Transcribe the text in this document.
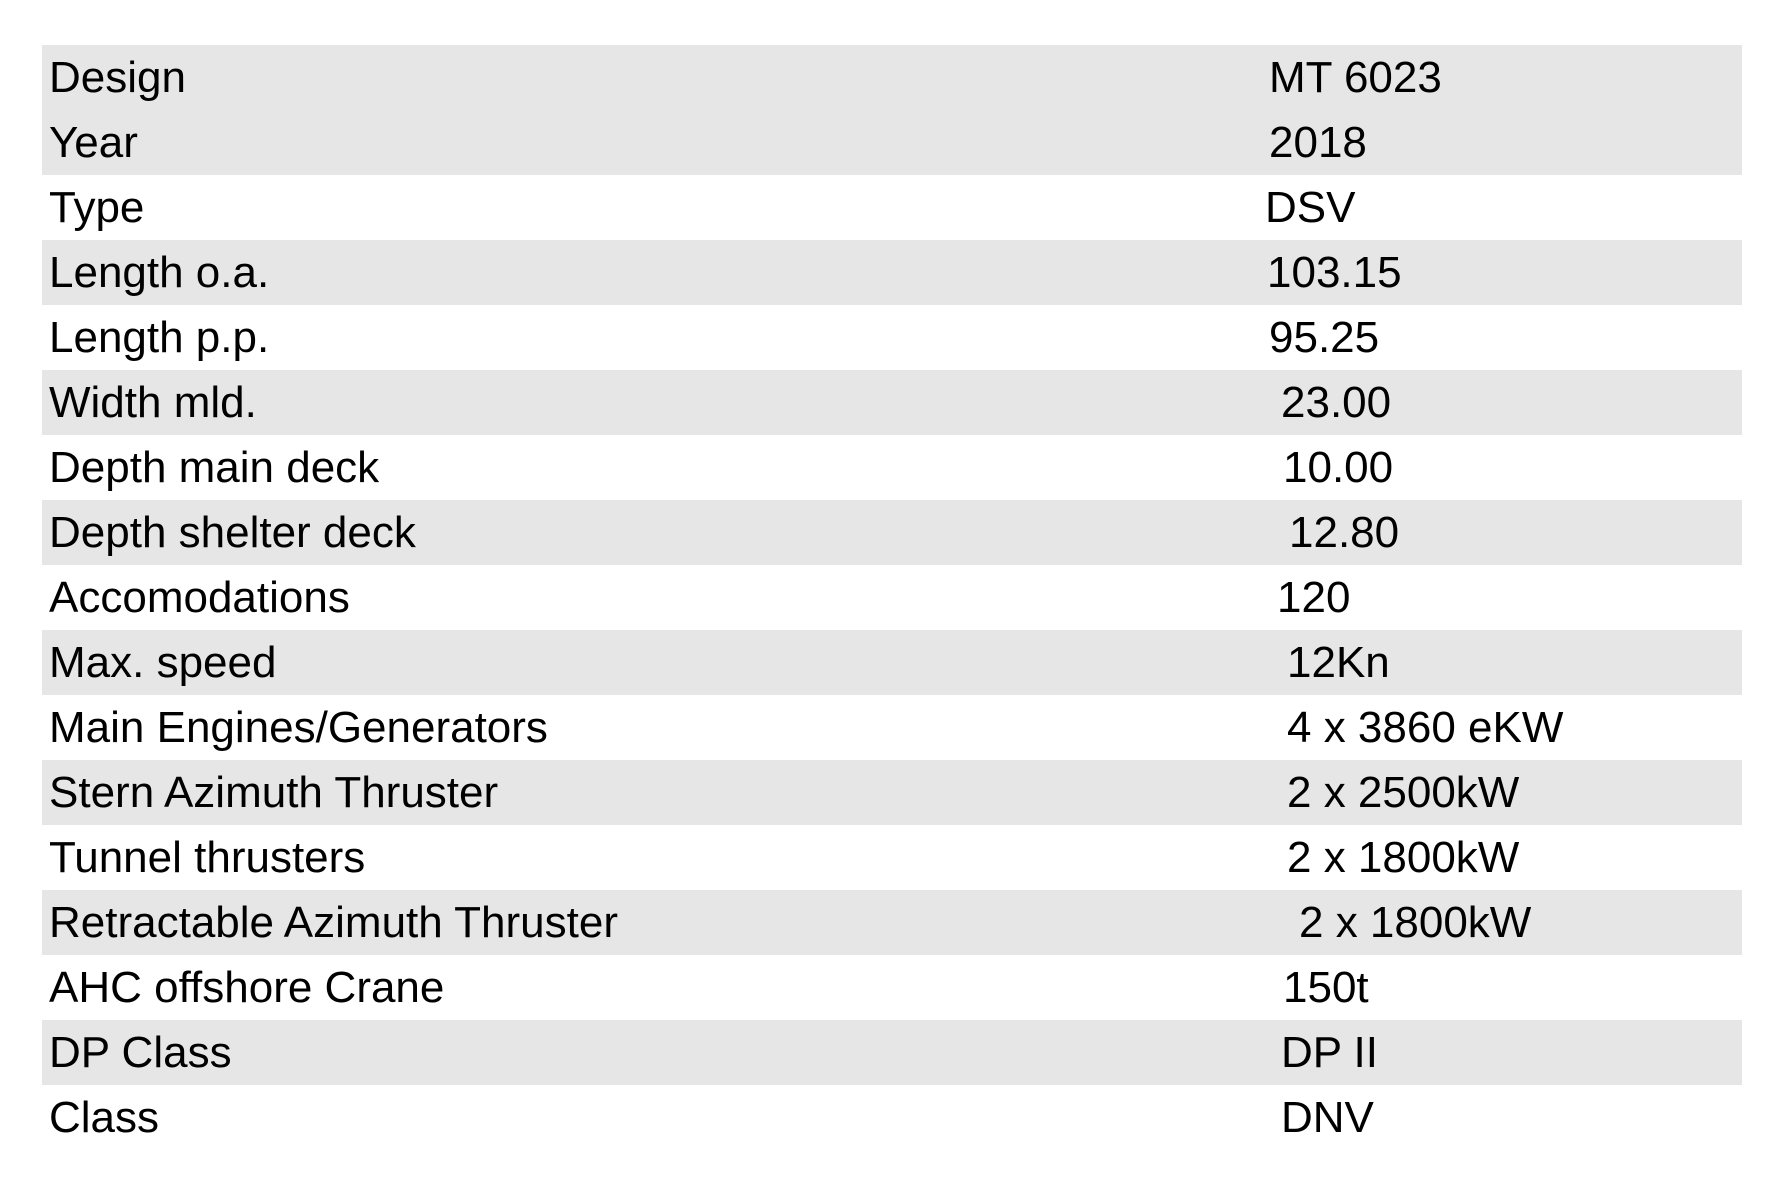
Design	MT 6023
Year	2018
Type	DSV
Length o.a.	103.15
Length p.p.	95.25
Width mld.	23.00
Depth main deck	10.00
Depth shelter deck	12.80
Accomodations	120
Max. speed	12Kn
Main Engines/Generators	4 x 3860 eKW
Stern Azimuth Thruster	2 x 2500kW
Tunnel thrusters	2 x 1800kW
Retractable Azimuth Thruster	2 x 1800kW
AHC offshore Crane	150t
DP Class	DP II
Class	DNV
